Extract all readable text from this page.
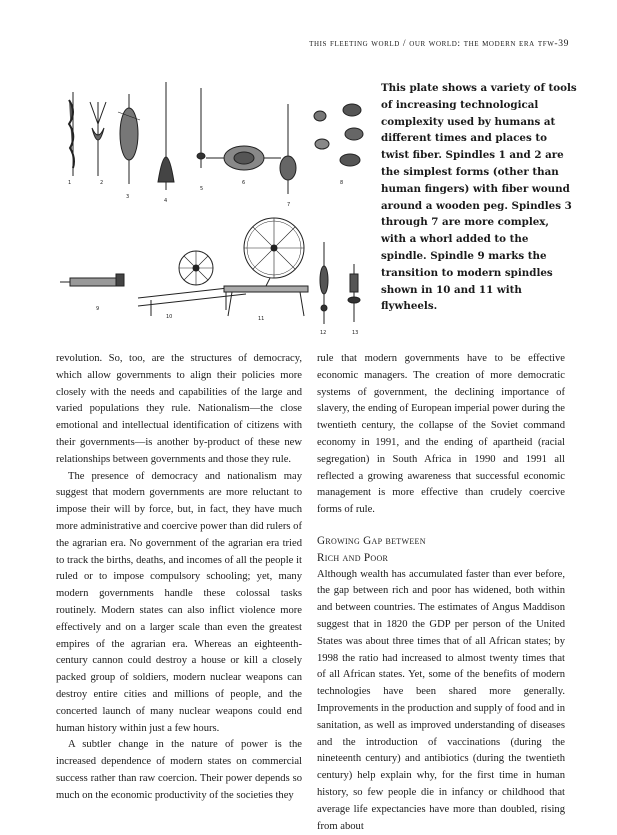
this fleeting world / our world: the modern era tfw-39
1	2
3
4
5
6
7
8
9
10	11
12	13

This plate shows a variety of tools of increasing technological complexity used by humans at different times and places to twist fiber. Spindles 1 and 2 are the simplest forms (other than human fingers) with fiber wound around a wooden peg. Spindles 3 through 7 are more complex, with a whorl added to the spindle. Spindle 9 marks the transition to modern spindles shown in 10 and 11 with flywheels.

revolution. So, too, are the structures of democracy, which allow governments to align their policies more closely with the needs and capabilities of the large and varied populations they rule. Nationalism—the close emotional and intellectual identification of citizens with their governments—is another by-product of these new relationships between governments and those they rule.

The presence of democracy and nationalism may suggest that modern governments are more reluctant to impose their will by force, but, in fact, they have much more administrative and coercive power than did rulers of the agrarian era. No government of the agrarian era tried to track the births, deaths, and incomes of all the people it ruled or to impose compulsory schooling; yet, many modern governments handle these colossal tasks routinely. Modern states can also inflict violence more effectively and on a larger scale than even the greatest empires of the agrarian era. Whereas an eighteenth-century cannon could destroy a house or kill a closely packed group of soldiers, modern nuclear weapons can destroy entire cities and millions of people, and the concerted launch of many nuclear weapons could end human history within just a few hours.

A subtler change in the nature of power is the increased dependence of modern states on commercial success rather than raw coercion. Their power depends so much on the economic productivity of the societies they

rule that modern governments have to be effective economic managers. The creation of more democratic systems of government, the declining importance of slavery, the ending of European imperial power during the twentieth century, the collapse of the Soviet command economy in 1991, and the ending of apartheid (racial segregation) in South Africa in 1990 and 1991 all reflected a growing awareness that successful economic management is more effective than crudely coercive forms of rule.

Growing Gap between
Rich and Poor

Although wealth has accumulated faster than ever before, the gap between rich and poor has widened, both within and between countries. The estimates of Angus Maddison suggest that in 1820 the GDP per person of the United States was about three times that of all African states; by 1998 the ratio had increased to almost twenty times that of all African states. Yet, some of the benefits of modern technologies have been shared more generally. Improvements in the production and supply of food and in sanitation, as well as improved understanding of diseases and the introduction of vaccinations (during the nineteenth century) and antibiotics (during the twentieth century) help explain why, for the first time in human history, so few people die in infancy or childhood that average life expectancies have more than doubled, rising from about
